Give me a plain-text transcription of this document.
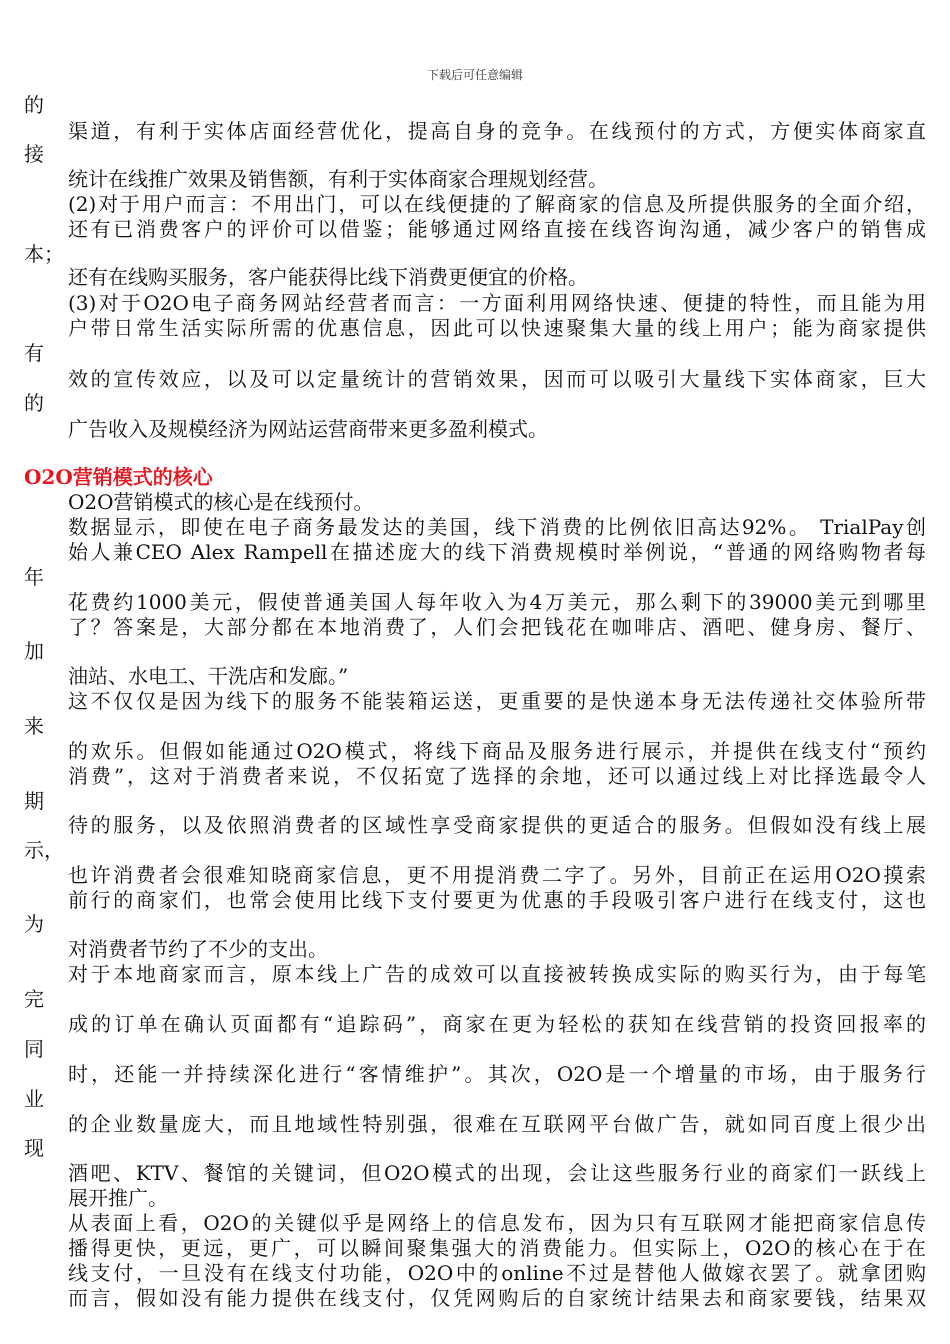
下载后可任意编辑
渠道，有利于实体店面经营优化，提高自身的竞争。在线预付的方式，方便实体商家直
统计在线推广效果及销售额，有利于实体商家合理规划经营。
(2)对于用户而言：不用出门，可以在线便捷的了解商家的信息及所提供服务的全面介绍，
还有已消费客户的评价可以借鉴；能够通过网络直接在线咨询沟通，减少客户的销售成
还有在线购买服务，客户能获得比线下消费更便宜的价格。
(3)对于O2O电子商务网站经营者而言：一方面利用网络快速、便捷的特性，而且能为用
户带日常生活实际所需的优惠信息，因此可以快速聚集大量的线上用户；能为商家提供
效的宣传效应，以及可以定量统计的营销效果，因而可以吸引大量线下实体商家，巨大
广告收入及规模经济为网站运营商带来更多盈利模式。
的
接
本；
有
的
O2O营销模式的核心
O2O营销模式的核心是在线预付。
数据显示，即使在电子商务最发达的美国，线下消费的比例依旧高达92%。 TrialPay创
始人兼CEO Alex Rampell在描述庞大的线下消费规模时举例说，“普通的网络购物者每
花费约1000美元，假使普通美国人每年收入为4万美元，那么剩下的39000美元到哪里
了？答案是，大部分都在本地消费了，人们会把钱花在咖啡店、酒吧、健身房、餐厅、
油站、水电工、干洗店和发廊。”
这不仅仅是因为线下的服务不能装箱运送，更重要的是快递本身无法传递社交体验所带
的欢乐。但假如能通过O2O模式，将线下商品及服务进行展示，并提供在线支付“预约
消费”，这对于消费者来说，不仅拓宽了选择的余地，还可以通过线上对比择选最令人
待的服务，以及依照消费者的区域性享受商家提供的更适合的服务。但假如没有线上展
也许消费者会很难知晓商家信息，更不用提消费二字了。另外，目前正在运用O2O摸索
前行的商家们，也常会使用比线下支付要更为优惠的手段吸引客户进行在线支付，这也
对消费者节约了不少的支出。
对于本地商家而言，原本线上广告的成效可以直接被转换成实际的购买行为，由于每笔
成的订单在确认页面都有“追踪码”，商家在更为轻松的获知在线营销的投资回报率的
时，还能一并持续深化进行“客情维护”。其次，O2O是一个增量的市场，由于服务行
的企业数量庞大，而且地域性特别强，很难在互联网平台做广告，就如同百度上很少出
酒吧、KTV、餐馆的关键词，但O2O模式的出现，会让这些服务行业的商家们一跃线上
展开推广。
从表面上看，O2O的关键似乎是网络上的信息发布，因为只有互联网才能把商家信息传
播得更快，更远，更广，可以瞬间聚集强大的消费能力。但实际上，O2O的核心在于在
线支付，一旦没有在线支付功能，O2O中的online不过是替他人做嫁衣罢了。就拿团购
而言，假如没有能力提供在线支付，仅凭网购后的自家统计结果去和商家要钱，结果双
年
加
来
期
示，
为
完
同
业
现
